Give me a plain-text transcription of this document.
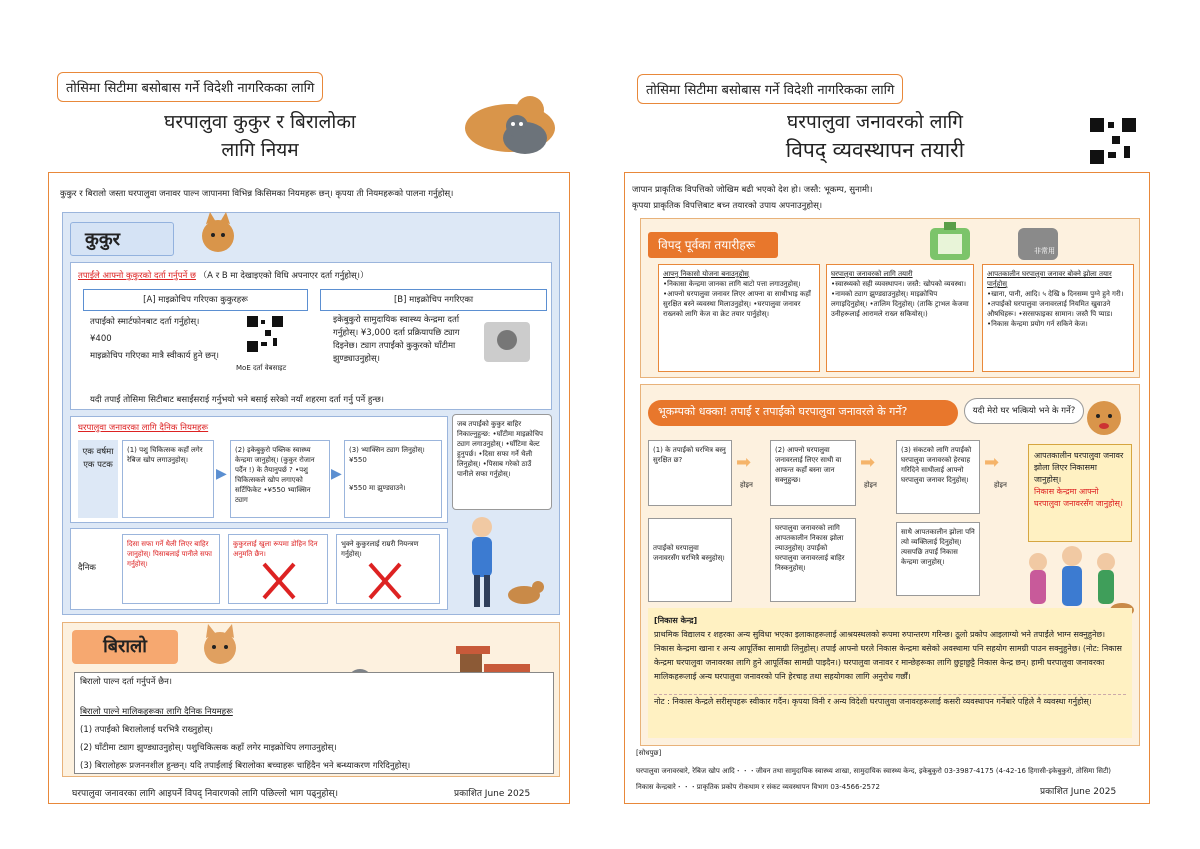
तोसिमा सिटीमा बसोबास गर्ने विदेशी नागरिकका लागि
घरपालुवा कुकुर र बिरालोका
लागि नियम
कुकुर र बिरालो जस्ता घरपालुवा जनावर पाल्न जापानमा विभिन्न किसिमका नियमहरू छन्। कृपया ती नियमहरूको पालना गर्नुहोस्।
कुकुर
तपाईंले आफ्नो कुकुरको दर्ता गर्नुपर्ने छ （A र B मा देखाइएको विधि अपनाएर दर्ता गर्नुहोस्।）
[A] माइक्रोचिप गरिएका कुकुरहरू
तपाईंको स्मार्टफोनबाट दर्ता गर्नुहोस्।
¥400
माइक्रोचिप गरिएका मात्रै स्वीकार्य हुने छन्।
MoE दर्ता वेबसाइट
[B] माइक्रोचिप नगरिएका
इकेबुकुरो सामुदायिक स्वास्थ्य केन्द्रमा दर्ता गर्नुहोस्। ¥3,000 दर्ता प्रक्रियापछि ट्याग दिइनेछ। ट्याग तपाईंको कुकुरको घाँटीमा झुण्ड्याउनुहोस्।
यदी तपाईं तोसिमा सिटीबाट बसाईंसराई गर्नुभयो भने बसाई सरेको नयाँ शहरमा दर्ता गर्नु पर्ने हुन्छ।
घरपालुवा जनावरका लागि दैनिक नियमहरू
एक वर्षमा एक पटक
(1) पशु चिकित्सक कहाँ लगेर रेबिज खोप लगाउनुहोस्।
▶
(2) इकेबुकुरो पब्लिक स्वास्थ्य केन्द्रमा जानुहोस्। (कुकुर रोजान पर्दैन !) के तैयानुपर्छ ? •पशु चिकित्सकले खोप लगाएको सर्टिफिकेट •¥550 भ्याक्सिन ट्याग
▶
(3) भ्याक्सिन ट्याग लिनुहोस्। ¥550
¥550 मा झुण्ड्याउने।
जब तपाईंको कुकुर बाहिर निकाल्नुहुन्छ: •घाँटीमा माइक्रोचिप ट्याग लगाउनुहोस्। •घाँटिमा बेल्ट हुनुपर्छ। •दिसा सफा गर्ने थैली लिनुहोस्। •पिसाब गरेको ठाउँ पानीले सफा गर्नुहोस्।
दैनिक
दिसा सफा गर्ने थैली लिएर बाहिर जानुहोस्। पिसाबलाई पानीले सफा गर्नुहोस्।
कुकुरलाई खुला रूपमा डोहिन दिन अनुमति छैन।
भुक्ने कुकुरलाई राम्ररी नियन्त्रण गर्नुहोस्।
बिरालो
बिरालो पाल्न दर्ता गर्नुपर्ने छैन।
बिरालो पाल्ने मालिकहरूका लागि दैनिक नियमहरू
(1) तपाईंको बिरालोलाई घरभित्रै राख्नुहोस्।
(2) घाँटीमा ट्याग झुण्ड्याउनुहोस्। पशुचिकित्सक कहाँ लगेर माइक्रोचिप लगाउनुहोस्।
(3) बिरालोहरू प्रजननशील हुन्छन्। यदि तपाईंलाई बिरालोका बच्चाहरू चाहिंदैन भने बन्ध्याकरण गरिदिनुहोस्।
घरपालुवा जनावरका लागि आइपर्ने विपद् निवारणको लागि पछिल्लो भाग पढ्नुहोस्।	प्रकाशित June 2025
तोसिमा सिटीमा बसोबास गर्ने विदेशी नागरिकका लागि
घरपालुवा जनावरको लागि
विपद् व्यवस्थापन तयारी
जापान प्राकृतिक विपत्तिको जोखिम बढी भएको देश हो। जस्तै: भूकम्प, सुनामी।
कृपया प्राकृतिक विपत्तिबाट बच्न तयारको उपाय अपनाउनुहोस्।
विपद् पूर्वका तयारीहरू	非常用
आफ्नु निकासो योजना बनाउनुहोस्
•निकासा केन्द्रमा जानका लागि बाटो पत्ता लगाउनुहोस्। •आफ्नो घरपालुवा जनावर लिएर आफ्ना वा साथीभाइ कहाँ सुरक्षित बस्ने व्यवस्था मिलाउनुहोस्। •घरपालुवा जनावर राख्नको लागि केज वा क्रेट तयार पार्नुहोस्।
घरपालुवा जनावरको लागि तयारी
•स्वास्थ्यको सही व्यवस्थापन। जस्तै: खोपको व्यवस्था। •नामको ट्याग झुण्ड्याउनुहोस्। माइक्रोचिप लगाइदिनुहोस्। •तालिम दिनुहोस्। (ताकि ट्राभल केजमा उनीहरूलाई आरामले राख्न सकियोस्।)
आपतकालीन घरपालुवा जनावर बोक्ने झोला तयार पार्नुहोस्
•खाना, पानी, आदि। ५ देखि ७ दिनसम्म पुग्ने हुने गरी। •तपाईंको घरपालुवा जनावरलाई नियमित खुवाउने औषधिहरू। •सरसफाइका सामान। जस्तै पि प्याड। •निकास केन्द्रमा प्रयोग गर्न सकिने केज।
भूकम्पको धक्का! तपाईं र तपाईंको घरपालुवा जनावरले के गर्ने?	यदी मेरो घर भत्कियो भने के गर्ने?
(1) के तपाईंको घरभित्र बस्नु सुरक्षित छ?	➡
होइन
(2) आफ्नो घरपालुवा जनावरलाई लिएर साथी वा आफन्त कहाँ बस्ना जान सक्नुहुन्छ।
➡
होइन
(3) संकटको लागि तपाईंको घरपालुवा जनावरको हेरचाह गरिदिने साथीलाई आफ्नो घरपालुवा जनावर दिनुहोस्।
➡
होइन
आपतकालीन घरपालुवा जनावर झोला लिएर निकासमा जानुहोस्।
निकास केन्द्रमा आफ्नो घरपालुवा जनावरसँग जानुहोस्।
तपाईंको घरपालुवा जनावरसँग घरभित्रै बस्नुहोस्।
घरपालुवा जनावरको लागि आपतकालीन निकास झोला ल्याउनुहोस्। उपाईंको घरपालुवा जनावरलाई बाहिर निस्कनुहोस्।
साथै आपतकालीन झोला पनि त्यो व्यक्तिलाई दिनुहोस्। त्यसपछि तपाईं निकास केन्द्रमा जानुहोस्।
[निकास केन्द्र]
प्राथमिक विद्यालय र शहरका अन्य सुविधा भएका इलाकाहरूलाई आश्रयस्थलको रूपमा रुपान्तरण गरिन्छ। ठूलो प्रकोप आइलाग्यो भने तपाईंले भाग्न सक्नुहुनेछ। निकास केन्द्रमा खाना र अन्य आपूर्तिका सामाग्री लिनुहोस्। तपाईं आफ्नो घरले निकास केन्द्रमा बसेको अवस्थामा पनि सहयोग सामग्री पाउन सक्नुहुनेछ। (नोट: निकास केन्द्रमा घरपालुवा जनावरका लागि हुने आपूर्तिका सामग्री पाइदैन।) घरपालुवा जनावर र मान्छेहरूका लागि छुट्टाछुट्टै निकास केन्द्र छन्। हामी घरपालुवा जनावरका मालिकहरूलाई अन्य घरपालुवा जनावरको पनि हेरचाह तथा सहयोगका लागि अनुरोध गर्छौं।
नोट : निकास केन्द्रले सरीसृपहरू स्वीकार गर्दैन। कृपया विनी र अन्य विदेशी घरपालुवा जनावरहरूलाई कसरी व्यवस्थापन गर्नेबारे पहिले नै व्यवस्था गर्नुहोस्।
[सोधपुछ]
घरपालुवा जनावरबारे, रेबिज खोप आदि・・・जीवन तथा सामुदायिक स्वास्थ्य शाखा, सामुदायिक स्वास्थ्य केन्द, इकेबुकुरो 03-3987-4175 (4-42-16 हिगासी-इकेबुकुरो, तोसिमा सिटी)
निकास केन्द्रबारे・・・प्राकृतिक प्रकोप रोकथाम र संकट व्यवस्थापन विभाग 03-4566-2572	प्रकाशित June 2025
